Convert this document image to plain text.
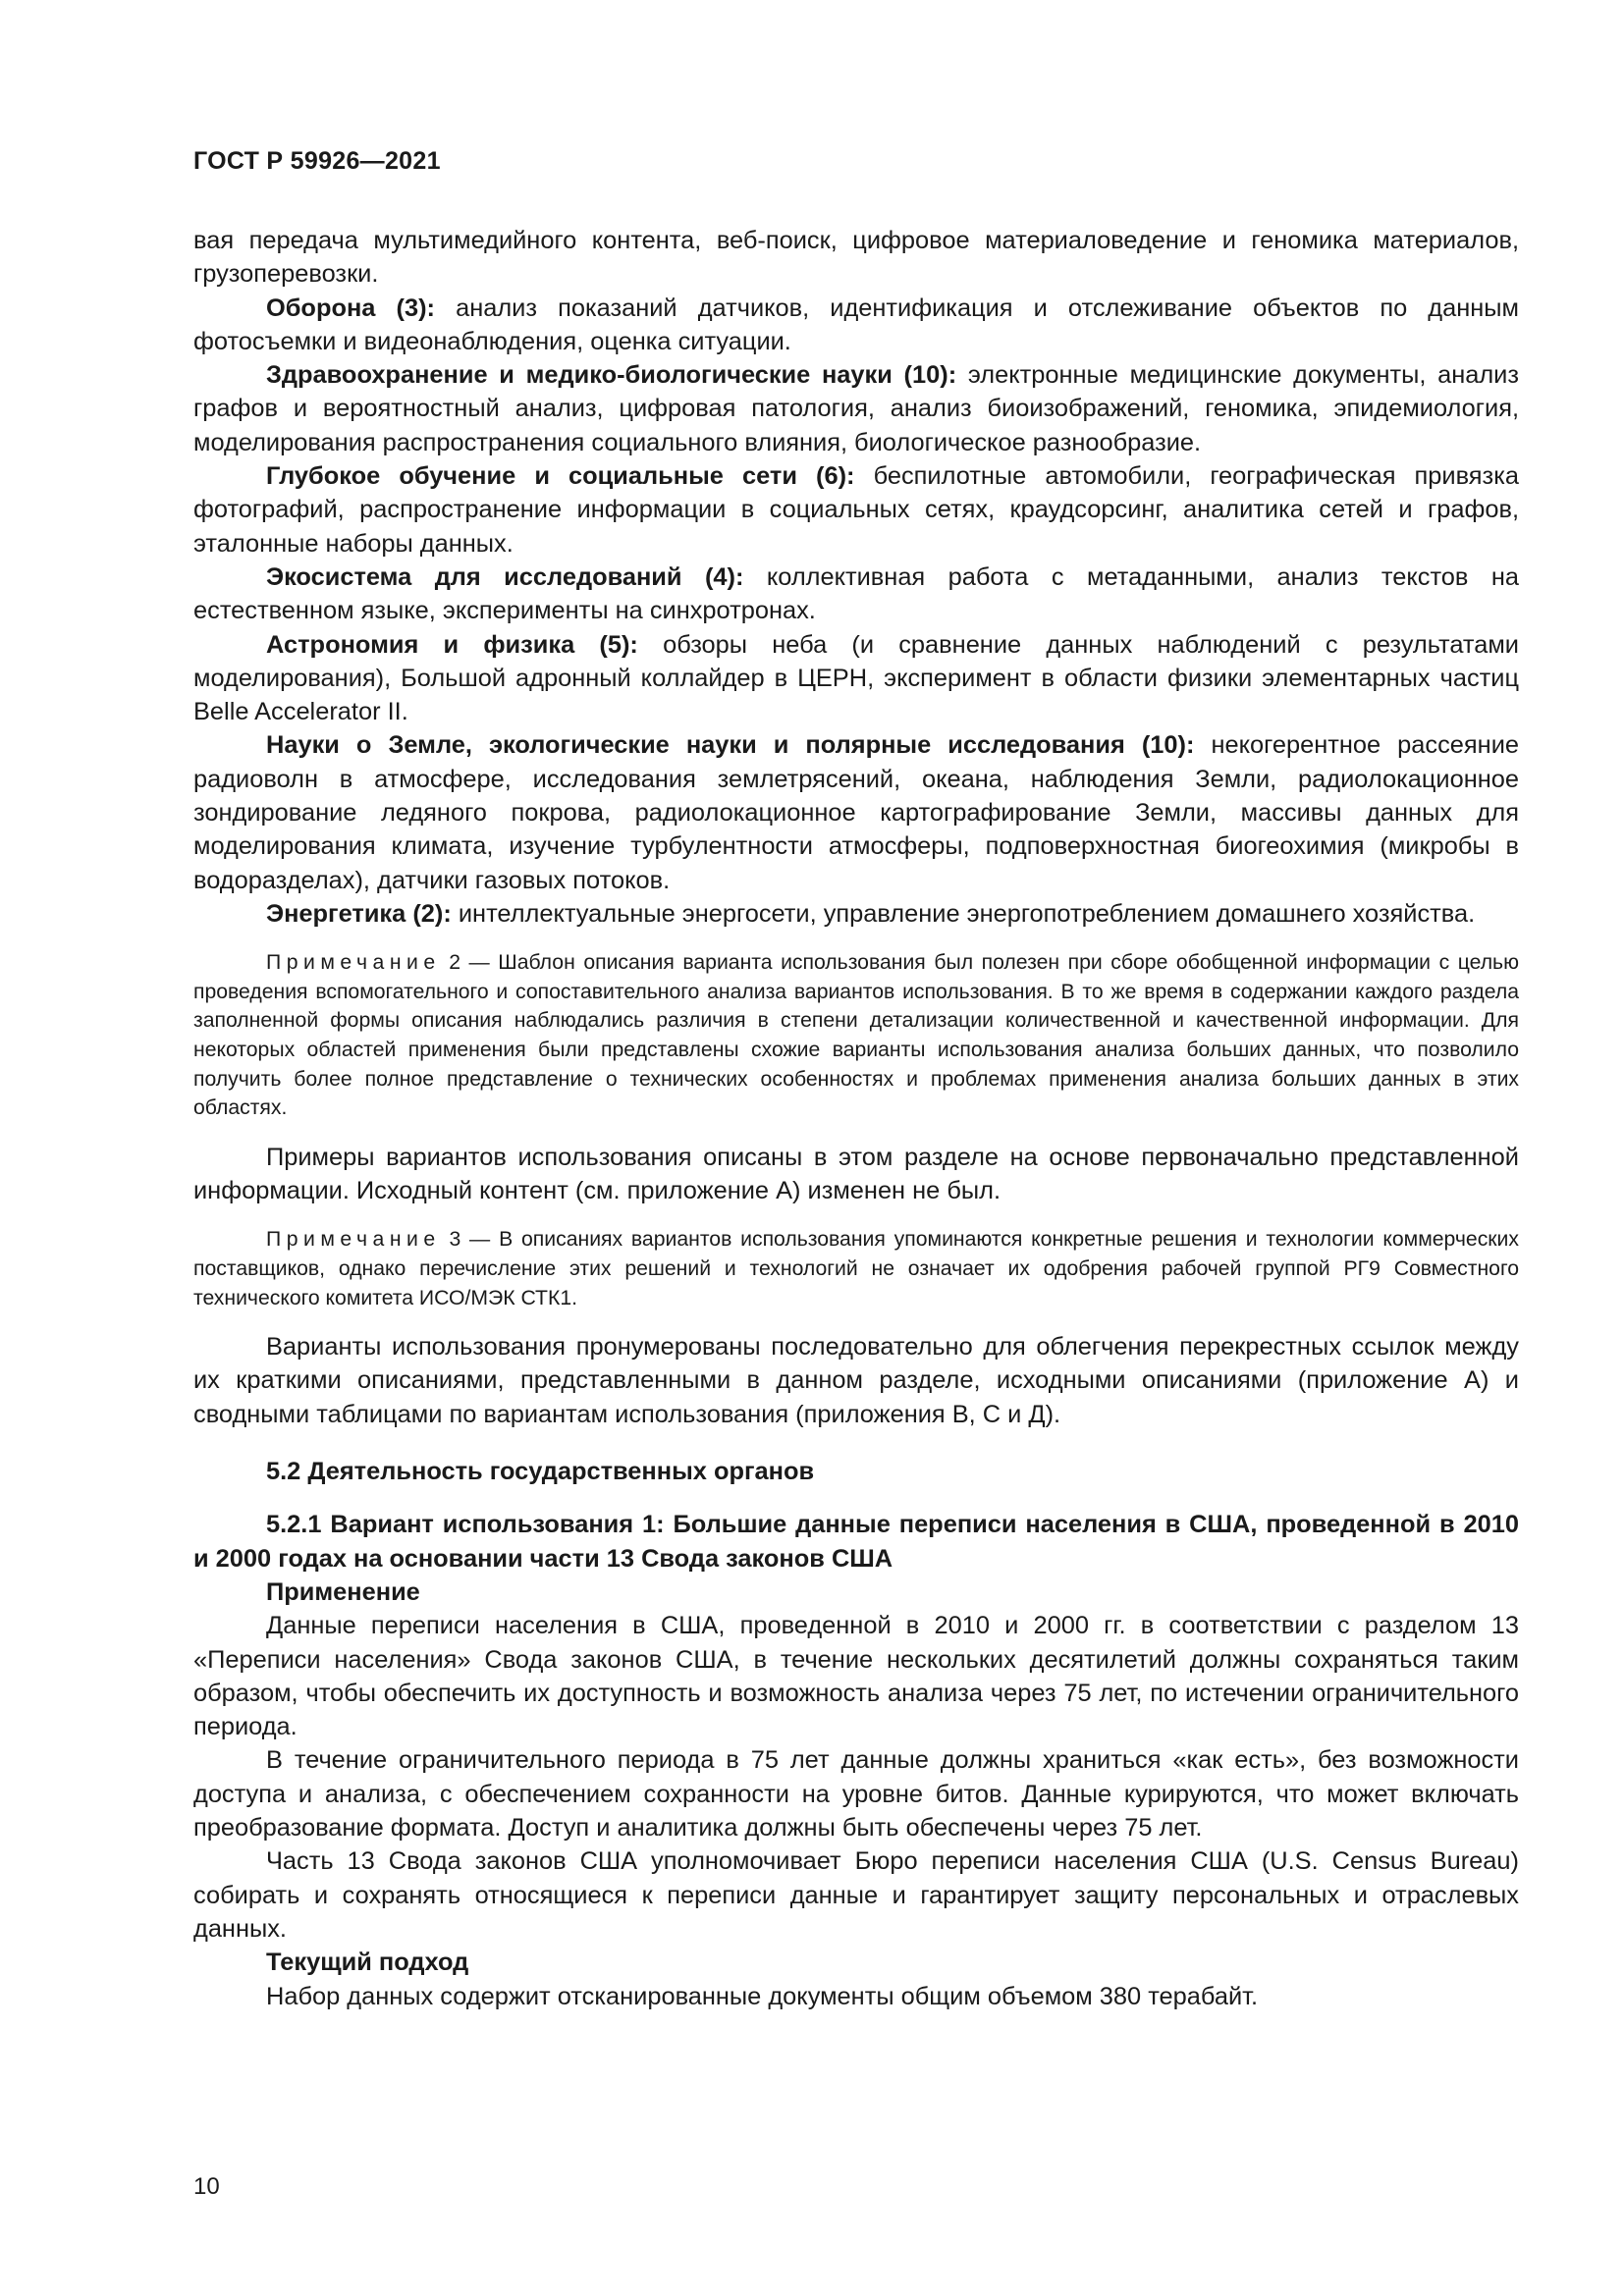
ГОСТ Р 59926—2021

вая передача мультимедийного контента, веб-поиск, цифровое материаловедение и геномика материалов, грузоперевозки.

Оборона (3): анализ показаний датчиков, идентификация и отслеживание объектов по данным фотосъемки и видеонаблюдения, оценка ситуации.

Здравоохранение и медико-биологические науки (10): электронные медицинские документы, анализ графов и вероятностный анализ, цифровая патология, анализ биоизображений, геномика, эпидемиология, моделирования распространения социального влияния, биологическое разнообразие.

Глубокое обучение и социальные сети (6): беспилотные автомобили, географическая привязка фотографий, распространение информации в социальных сетях, краудсорсинг, аналитика сетей и графов, эталонные наборы данных.

Экосистема для исследований (4): коллективная работа с метаданными, анализ текстов на естественном языке, эксперименты на синхротронах.

Астрономия и физика (5): обзоры неба (и сравнение данных наблюдений с результатами моделирования), Большой адронный коллайдер в ЦЕРН, эксперимент в области физики элементарных частиц Belle Accelerator II.

Науки о Земле, экологические науки и полярные исследования (10): некогерентное рассеяние радиоволн в атмосфере, исследования землетрясений, океана, наблюдения Земли, радиолокационное зондирование ледяного покрова, радиолокационное картографирование Земли, массивы данных для моделирования климата, изучение турбулентности атмосферы, подповерхностная биогеохимия (микробы в водоразделах), датчики газовых потоков.

Энергетика (2): интеллектуальные энергосети, управление энергопотреблением домашнего хозяйства.

Примечание 2 — Шаблон описания варианта использования был полезен при сборе обобщенной информации с целью проведения вспомогательного и сопоставительного анализа вариантов использования. В то же время в содержании каждого раздела заполненной формы описания наблюдались различия в степени детализации количественной и качественной информации. Для некоторых областей применения были представлены схожие варианты использования анализа больших данных, что позволило получить более полное представление о технических особенностях и проблемах применения анализа больших данных в этих областях.

Примеры вариантов использования описаны в этом разделе на основе первоначально представленной информации. Исходный контент (см. приложение А) изменен не был.

Примечание 3 — В описаниях вариантов использования упоминаются конкретные решения и технологии коммерческих поставщиков, однако перечисление этих решений и технологий не означает их одобрения рабочей группой РГ9 Совместного технического комитета ИСО/МЭК СТК1.

Варианты использования пронумерованы последовательно для облегчения перекрестных ссылок между их краткими описаниями, представленными в данном разделе, исходными описаниями (приложение А) и сводными таблицами по вариантам использования (приложения В, С и Д).

5.2 Деятельность государственных органов

5.2.1 Вариант использования 1: Большие данные переписи населения в США, проведенной в 2010 и 2000 годах на основании части 13 Свода законов США

Применение

Данные переписи населения в США, проведенной в 2010 и 2000 гг. в соответствии с разделом 13 «Переписи населения» Свода законов США, в течение нескольких десятилетий должны сохраняться таким образом, чтобы обеспечить их доступность и возможность анализа через 75 лет, по истечении ограничительного периода.

В течение ограничительного периода в 75 лет данные должны храниться «как есть», без возможности доступа и анализа, с обеспечением сохранности на уровне битов. Данные курируются, что может включать преобразование формата. Доступ и аналитика должны быть обеспечены через 75 лет.

Часть 13 Свода законов США уполномочивает Бюро переписи населения США (U.S. Census Bureau) собирать и сохранять относящиеся к переписи данные и гарантирует защиту персональных и отраслевых данных.

Текущий подход

Набор данных содержит отсканированные документы общим объемом 380 терабайт.

10
